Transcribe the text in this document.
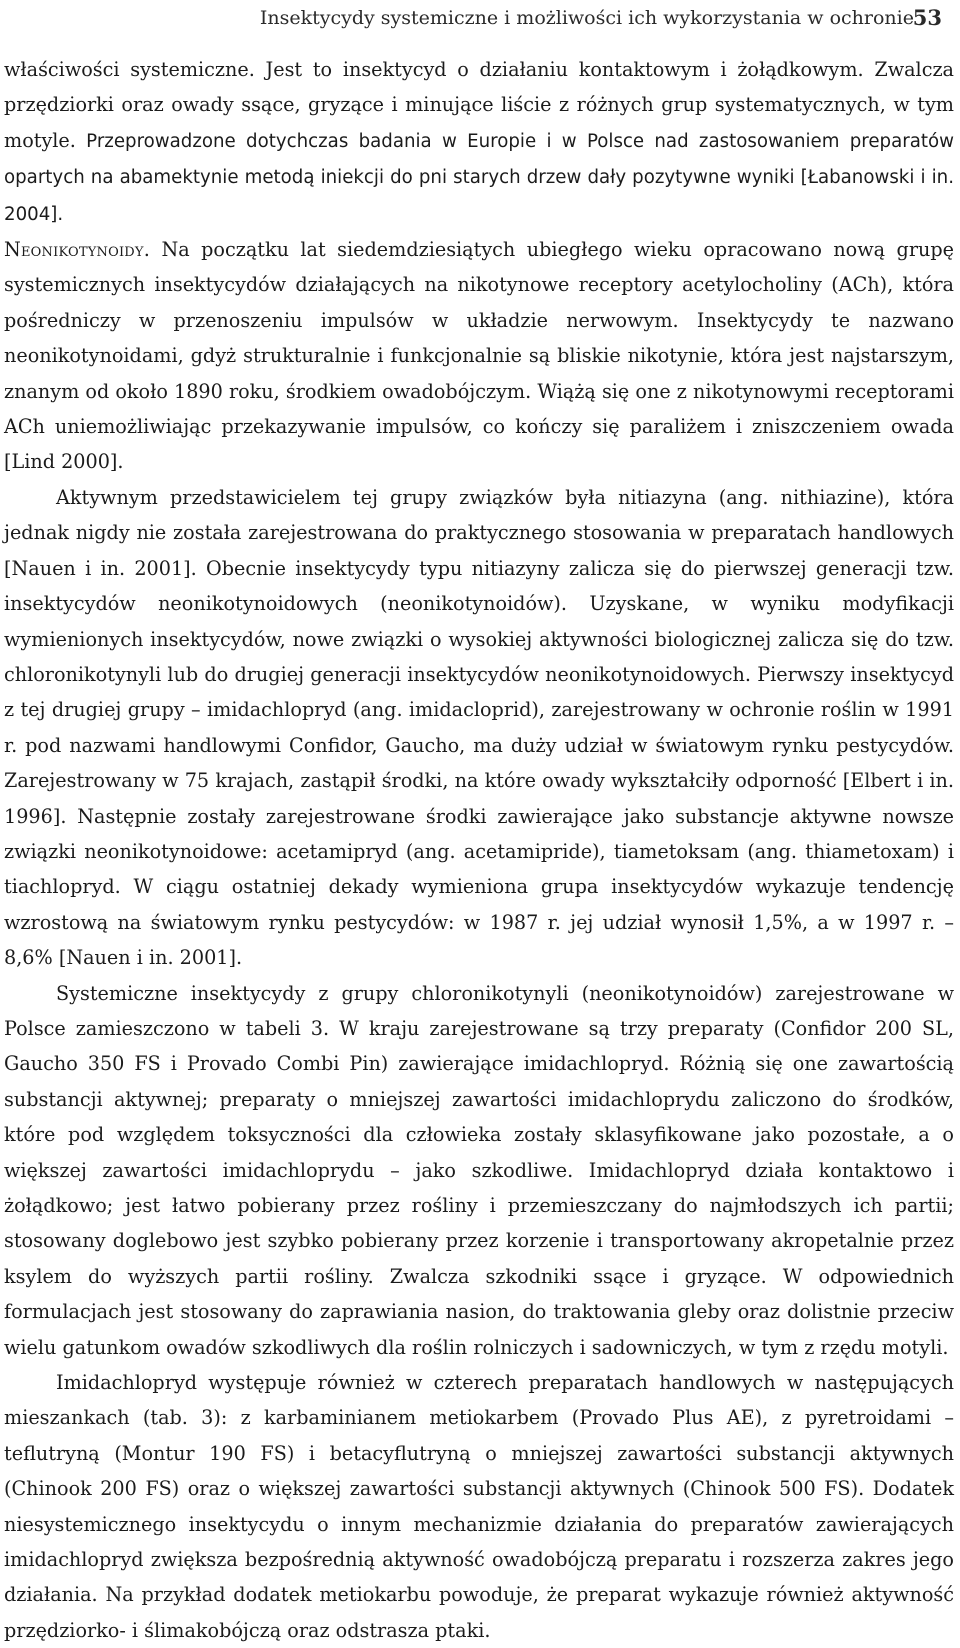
Insektycydy systemiczne i możliwości ich wykorzystania w ochronie
53

właściwości systemiczne. Jest to insektycyd o działaniu kontaktowym i żołądkowym. Zwalcza przędziorki oraz owady ssące, gryzące i minujące liście z różnych grup systematycznych, w tym motyle. Przeprowadzone dotychczas badania w Europie i w Polsce nad zastosowaniem preparatów opartych na abamektynie metodą iniekcji do pni starych drzew dały pozytywne wyniki [Łabanowski i in. 2004].

Neonikotynoidy. Na początku lat siedemdziesiątych ubiegłego wieku opracowano nową grupę systemicznych insektycydów działających na nikotynowe receptory acetylocholiny (ACh), która pośredniczy w przenoszeniu impulsów w układzie nerwowym. Insektycydy te nazwano neonikotynoidami, gdyż strukturalnie i funkcjonalnie są bliskie nikotynie, która jest najstarszym, znanym od około 1890 roku, środkiem owadobójczym. Wiążą się one z nikotynowymi receptorami ACh uniemożliwiając przekazywanie impulsów, co kończy się paraliżem i zniszczeniem owada [Lind 2000].

Aktywnym przedstawicielem tej grupy związków była nitiazyna (ang. nithiazine), która jednak nigdy nie została zarejestrowana do praktycznego stosowania w preparatach handlowych [Nauen i in. 2001]. Obecnie insektycydy typu nitiazyny zalicza się do pierwszej generacji tzw. insektycydów neonikotynoidowych (neonikotynoidów). Uzyskane, w wyniku modyfikacji wymienionych insektycydów, nowe związki o wysokiej aktywności biologicznej zalicza się do tzw. chloronikotynyli lub do drugiej generacji insektycydów neonikotynoidowych. Pierwszy insektycyd z tej drugiej grupy – imidachlopryd (ang. imidacloprid), zarejestrowany w ochronie roślin w 1991 r. pod nazwami handlowymi Confidor, Gaucho, ma duży udział w światowym rynku pestycydów. Zarejestrowany w 75 krajach, zastąpił środki, na które owady wykształciły odporność [Elbert i in. 1996]. Następnie zostały zarejestrowane środki zawierające jako substancje aktywne nowsze związki neonikotynoidowe: acetamipryd (ang. acetamipride), tiametoksam (ang. thiametoxam) i tiachlopryd. W ciągu ostatniej dekady wymieniona grupa insektycydów wykazuje tendencję wzrostową na światowym rynku pestycydów: w 1987 r. jej udział wynosił 1,5%, a w 1997 r. – 8,6% [Nauen i in. 2001].

Systemiczne insektycydy z grupy chloronikotynyli (neonikotynoidów) zarejestrowane w Polsce zamieszczono w tabeli 3. W kraju zarejestrowane są trzy preparaty (Confidor 200 SL, Gaucho 350 FS i Provado Combi Pin) zawierające imidachlopryd. Różnią się one zawartością substancji aktywnej; preparaty o mniejszej zawartości imidachloprydu zaliczono do środków, które pod względem toksyczności dla człowieka zostały sklasyfikowane jako pozostałe, a o większej zawartości imidachloprydu – jako szkodliwe. Imidachlopryd działa kontaktowo i żołądkowo; jest łatwo pobierany przez rośliny i przemieszczany do najmłodszych ich partii; stosowany doglebowo jest szybko pobierany przez korzenie i transportowany akropetalnie przez ksylem do wyższych partii rośliny. Zwalcza szkodniki ssące i gryzące. W odpowiednich formulacjach jest stosowany do zaprawiania nasion, do traktowania gleby oraz dolistnie przeciw wielu gatunkom owadów szkodliwych dla roślin rolniczych i sadowniczych, w tym z rzędu motyli.

Imidachlopryd występuje również w czterech preparatach handlowych w następujących mieszankach (tab. 3): z karbaminianem metiokarbem (Provado Plus AE), z pyretroidami – teflutryną (Montur 190 FS) i betacyflutryną o mniejszej zawartości substancji aktywnych (Chinook 200 FS) oraz o większej zawartości substancji aktywnych (Chinook 500 FS). Dodatek niesystemicznego insektycydu o innym mechanizmie działania do preparatów zawierających imidachlopryd zwiększa bezpośrednią aktywność owadobójczą preparatu i rozszerza zakres jego działania. Na przykład dodatek metiokarbu powoduje, że preparat wykazuje również aktywność przędziorko- i ślimakobójczą oraz odstrasza ptaki.
